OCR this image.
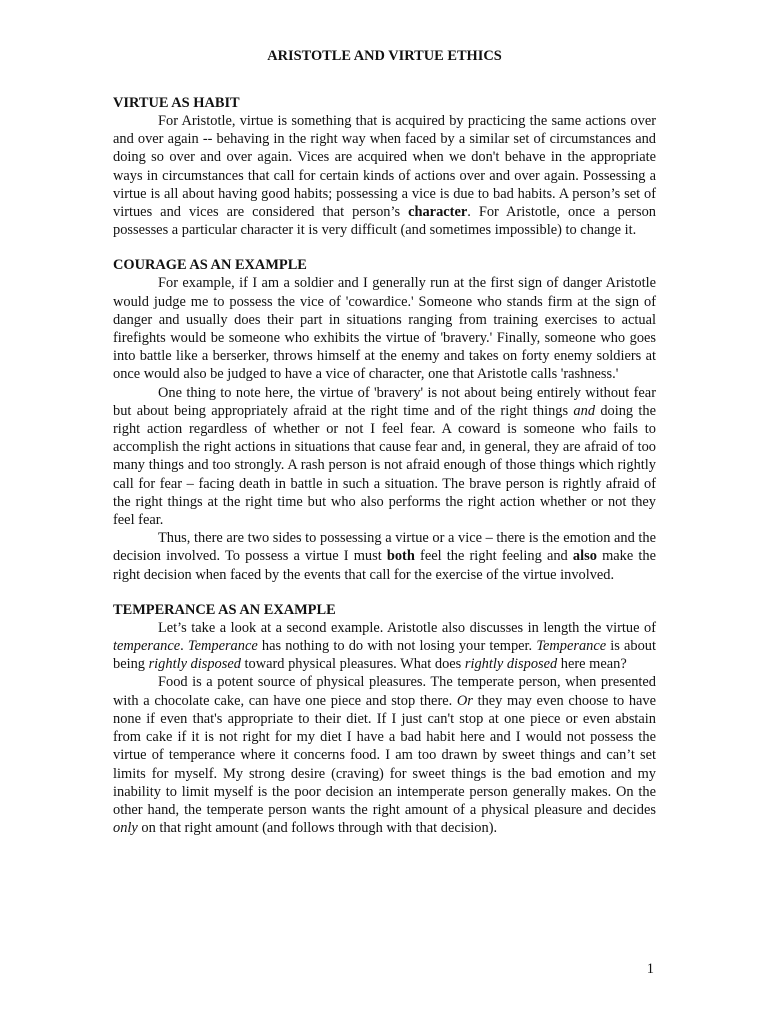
ARISTOTLE AND VIRTUE ETHICS
VIRTUE AS HABIT

For Aristotle, virtue is something that is acquired by practicing the same actions over and over again -- behaving in the right way when faced by a similar set of circumstances and doing so over and over again. Vices are acquired when we don't behave in the appropriate ways in circumstances that call for certain kinds of actions over and over again. Possessing a virtue is all about having good habits; possessing a vice is due to bad habits. A person’s set of virtues and vices are considered that person’s character. For Aristotle, once a person possesses a particular character it is very difficult (and sometimes impossible) to change it.

COURAGE AS AN EXAMPLE

For example, if I am a soldier and I generally run at the first sign of danger Aristotle would judge me to possess the vice of 'cowardice.' Someone who stands firm at the sign of danger and usually does their part in situations ranging from training exercises to actual firefights would be someone who exhibits the virtue of 'bravery.' Finally, someone who goes into battle like a berserker, throws himself at the enemy and takes on forty enemy soldiers at once would also be judged to have a vice of character, one that Aristotle calls 'rashness.'

One thing to note here, the virtue of 'bravery' is not about being entirely without fear but about being appropriately afraid at the right time and of the right things and doing the right action regardless of whether or not I feel fear. A coward is someone who fails to accomplish the right actions in situations that cause fear and, in general, they are afraid of too many things and too strongly. A rash person is not afraid enough of those things which rightly call for fear – facing death in battle in such a situation. The brave person is rightly afraid of the right things at the right time but who also performs the right action whether or not they feel fear.

Thus, there are two sides to possessing a virtue or a vice – there is the emotion and the decision involved. To possess a virtue I must both feel the right feeling and also make the right decision when faced by the events that call for the exercise of the virtue involved.

TEMPERANCE AS AN EXAMPLE

Let’s take a look at a second example. Aristotle also discusses in length the virtue of temperance. Temperance has nothing to do with not losing your temper. Temperance is about being rightly disposed toward physical pleasures. What does rightly disposed here mean?

Food is a potent source of physical pleasures. The temperate person, when presented with a chocolate cake, can have one piece and stop there. Or they may even choose to have none if even that's appropriate to their diet. If I just can't stop at one piece or even abstain from cake if it is not right for my diet I have a bad habit here and I would not possess the virtue of temperance where it concerns food. I am too drawn by sweet things and can’t set limits for myself. My strong desire (craving) for sweet things is the bad emotion and my inability to limit myself is the poor decision an intemperate person generally makes. On the other hand, the temperate person wants the right amount of a physical pleasure and decides only on that right amount (and follows through with that decision).

1
